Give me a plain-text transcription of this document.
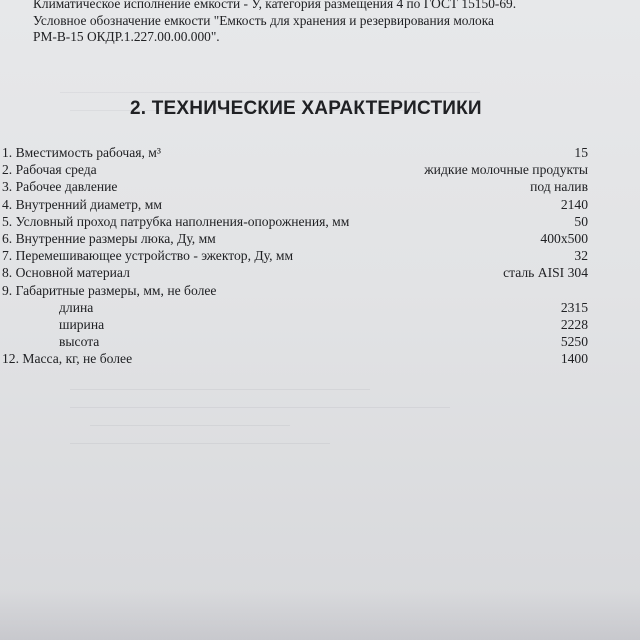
Климатическое исполнение емкости - У, категория размещения 4 по ГОСТ 15150-69.
Условное обозначение емкости "Емкость для хранения и резервирования молока
РМ-В-15 ОКДР.1.227.00.00.000".
2. ТЕХНИЧЕСКИЕ ХАРАКТЕРИСТИКИ
1. Вместимость рабочая, м³	15
2. Рабочая среда	жидкие молочные продукты
3. Рабочее давление	под налив
4. Внутренний диаметр, мм	2140
5. Условный проход патрубка наполнения-опорожнения, мм	50
6. Внутренние размеры люка, Ду, мм	400х500
7. Перемешивающее устройство - эжектор, Ду, мм	32
8. Основной материал	сталь AISI 304
9. Габаритные размеры, мм, не более
длина	2315
ширина	2228
высота	5250
12. Масса, кг, не более	1400
